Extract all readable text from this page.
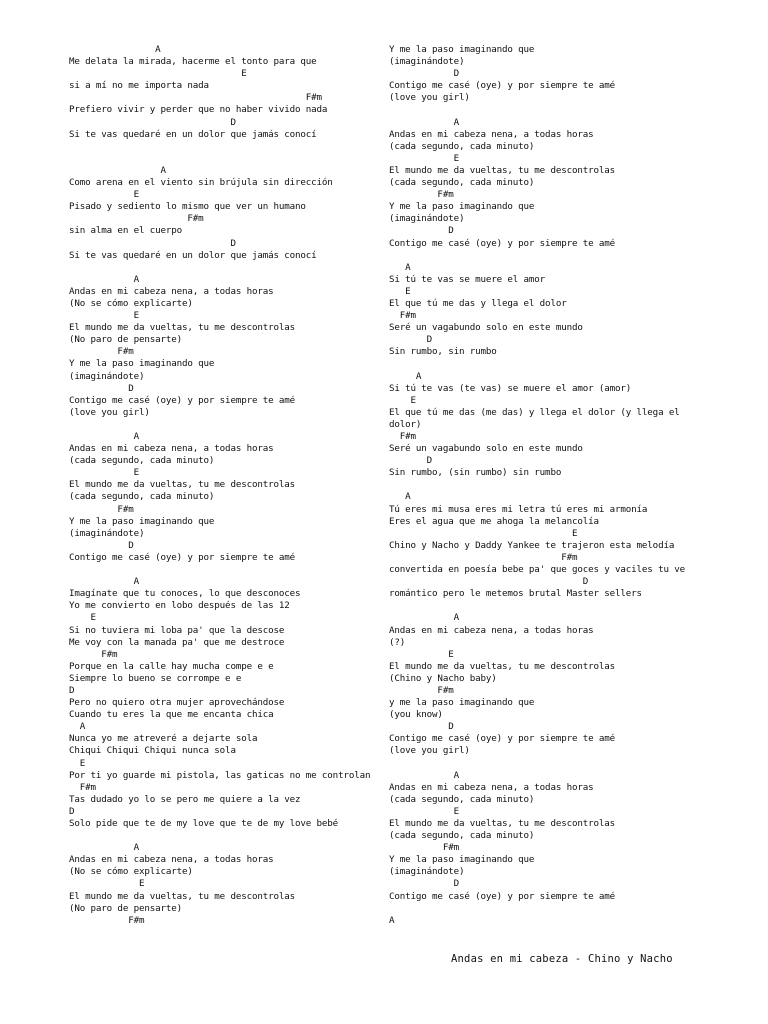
A
Me delata la mirada, hacerme el tonto para que
E
si a mí no me importa nada
F#m
Prefiero vivir y perder que no haber vivido nada
D
Si te vas quedaré en un dolor que jamás conocí
A
Como arena en el viento sin brújula sin dirección
E
Pisado y sediento lo mismo que ver un humano
F#m
sin alma en el cuerpo
D
Si te vas quedaré en un dolor que jamás conocí
A
Andas en mi cabeza nena, a todas horas
(No se cómo explicarte)
E
El mundo me da vueltas, tu me descontrolas
(No paro de pensarte)
F#m
Y me la paso imaginando que
(imaginándote)
D
Contigo me casé (oye) y por siempre te amé
(love you girl)
A
Andas en mi cabeza nena, a todas horas
(cada segundo, cada minuto)
E
El mundo me da vueltas, tu me descontrolas
(cada segundo, cada minuto)
F#m
Y me la paso imaginando que
(imaginándote)
D
Contigo me casé (oye) y por siempre te amé
A
Imagínate que tu conoces, lo que desconoces
Yo me convierto en lobo después de las 12
E
Si no tuviera mi loba pa' que la descose
Me voy con la manada pa' que me destroce
F#m
Porque en la calle hay mucha compe e e
Siempre lo bueno se corrompe e e
D
Pero no quiero otra mujer aprovechándose
Cuando tu eres la que me encanta chica
A
Nunca yo me atreveré a dejarte sola
Chiqui Chiqui Chiqui nunca sola
E
Por ti yo guarde mi pistola, las gaticas no me controlan
F#m
Tas dudado yo lo se pero me quiere a la vez
D
Solo pide que te de my love que te de my love bebé
A
Andas en mi cabeza nena, a todas horas
(No se cómo explicarte)
E
El mundo me da vueltas, tu me descontrolas
(No paro de pensarte)
F#m
Y me la paso imaginando que
(imaginándote)
D
Contigo me casé (oye) y por siempre te amé
(love you girl)
A
Andas en mi cabeza nena, a todas horas
(cada segundo, cada minuto)
E
El mundo me da vueltas, tu me descontrolas
(cada segundo, cada minuto)
F#m
Y me la paso imaginando que
(imaginándote)
D
Contigo me casé (oye) y por siempre te amé
A
Si tú te vas se muere el amor
E
El que tú me das y llega el dolor
F#m
Seré un vagabundo solo en este mundo
D
Sin rumbo, sin rumbo
A
Si tú te vas (te vas) se muere el amor (amor)
E
El que tú me das (me das) y llega el dolor (y llega el dolor)
F#m
Seré un vagabundo solo en este mundo
D
Sin rumbo, (sin rumbo) sin rumbo
A
Tú eres mi musa eres mi letra tú eres mi armonía
Eres el agua que me ahoga la melancolía
E
Chino y Nacho y Daddy Yankee te trajeron esta melodía
F#m
convertida en poesía bebe pa' que goces y vaciles tu ve
D
romántico pero le metemos brutal Master sellers
A
Andas en mi cabeza nena, a todas horas
(?)
E
El mundo me da vueltas, tu me descontrolas
(Chino y Nacho baby)
F#m
y me la paso imaginando que
(you know)
D
Contigo me casé (oye) y por siempre te amé
(love you girl)
A
Andas en mi cabeza nena, a todas horas
(cada segundo, cada minuto)
E
El mundo me da vueltas, tu me descontrolas
(cada segundo, cada minuto)
F#m
Y me la paso imaginando que
(imaginándote)
D
Contigo me casé (oye) y por siempre te amé
A
Andas en mi cabeza - Chino y Nacho
